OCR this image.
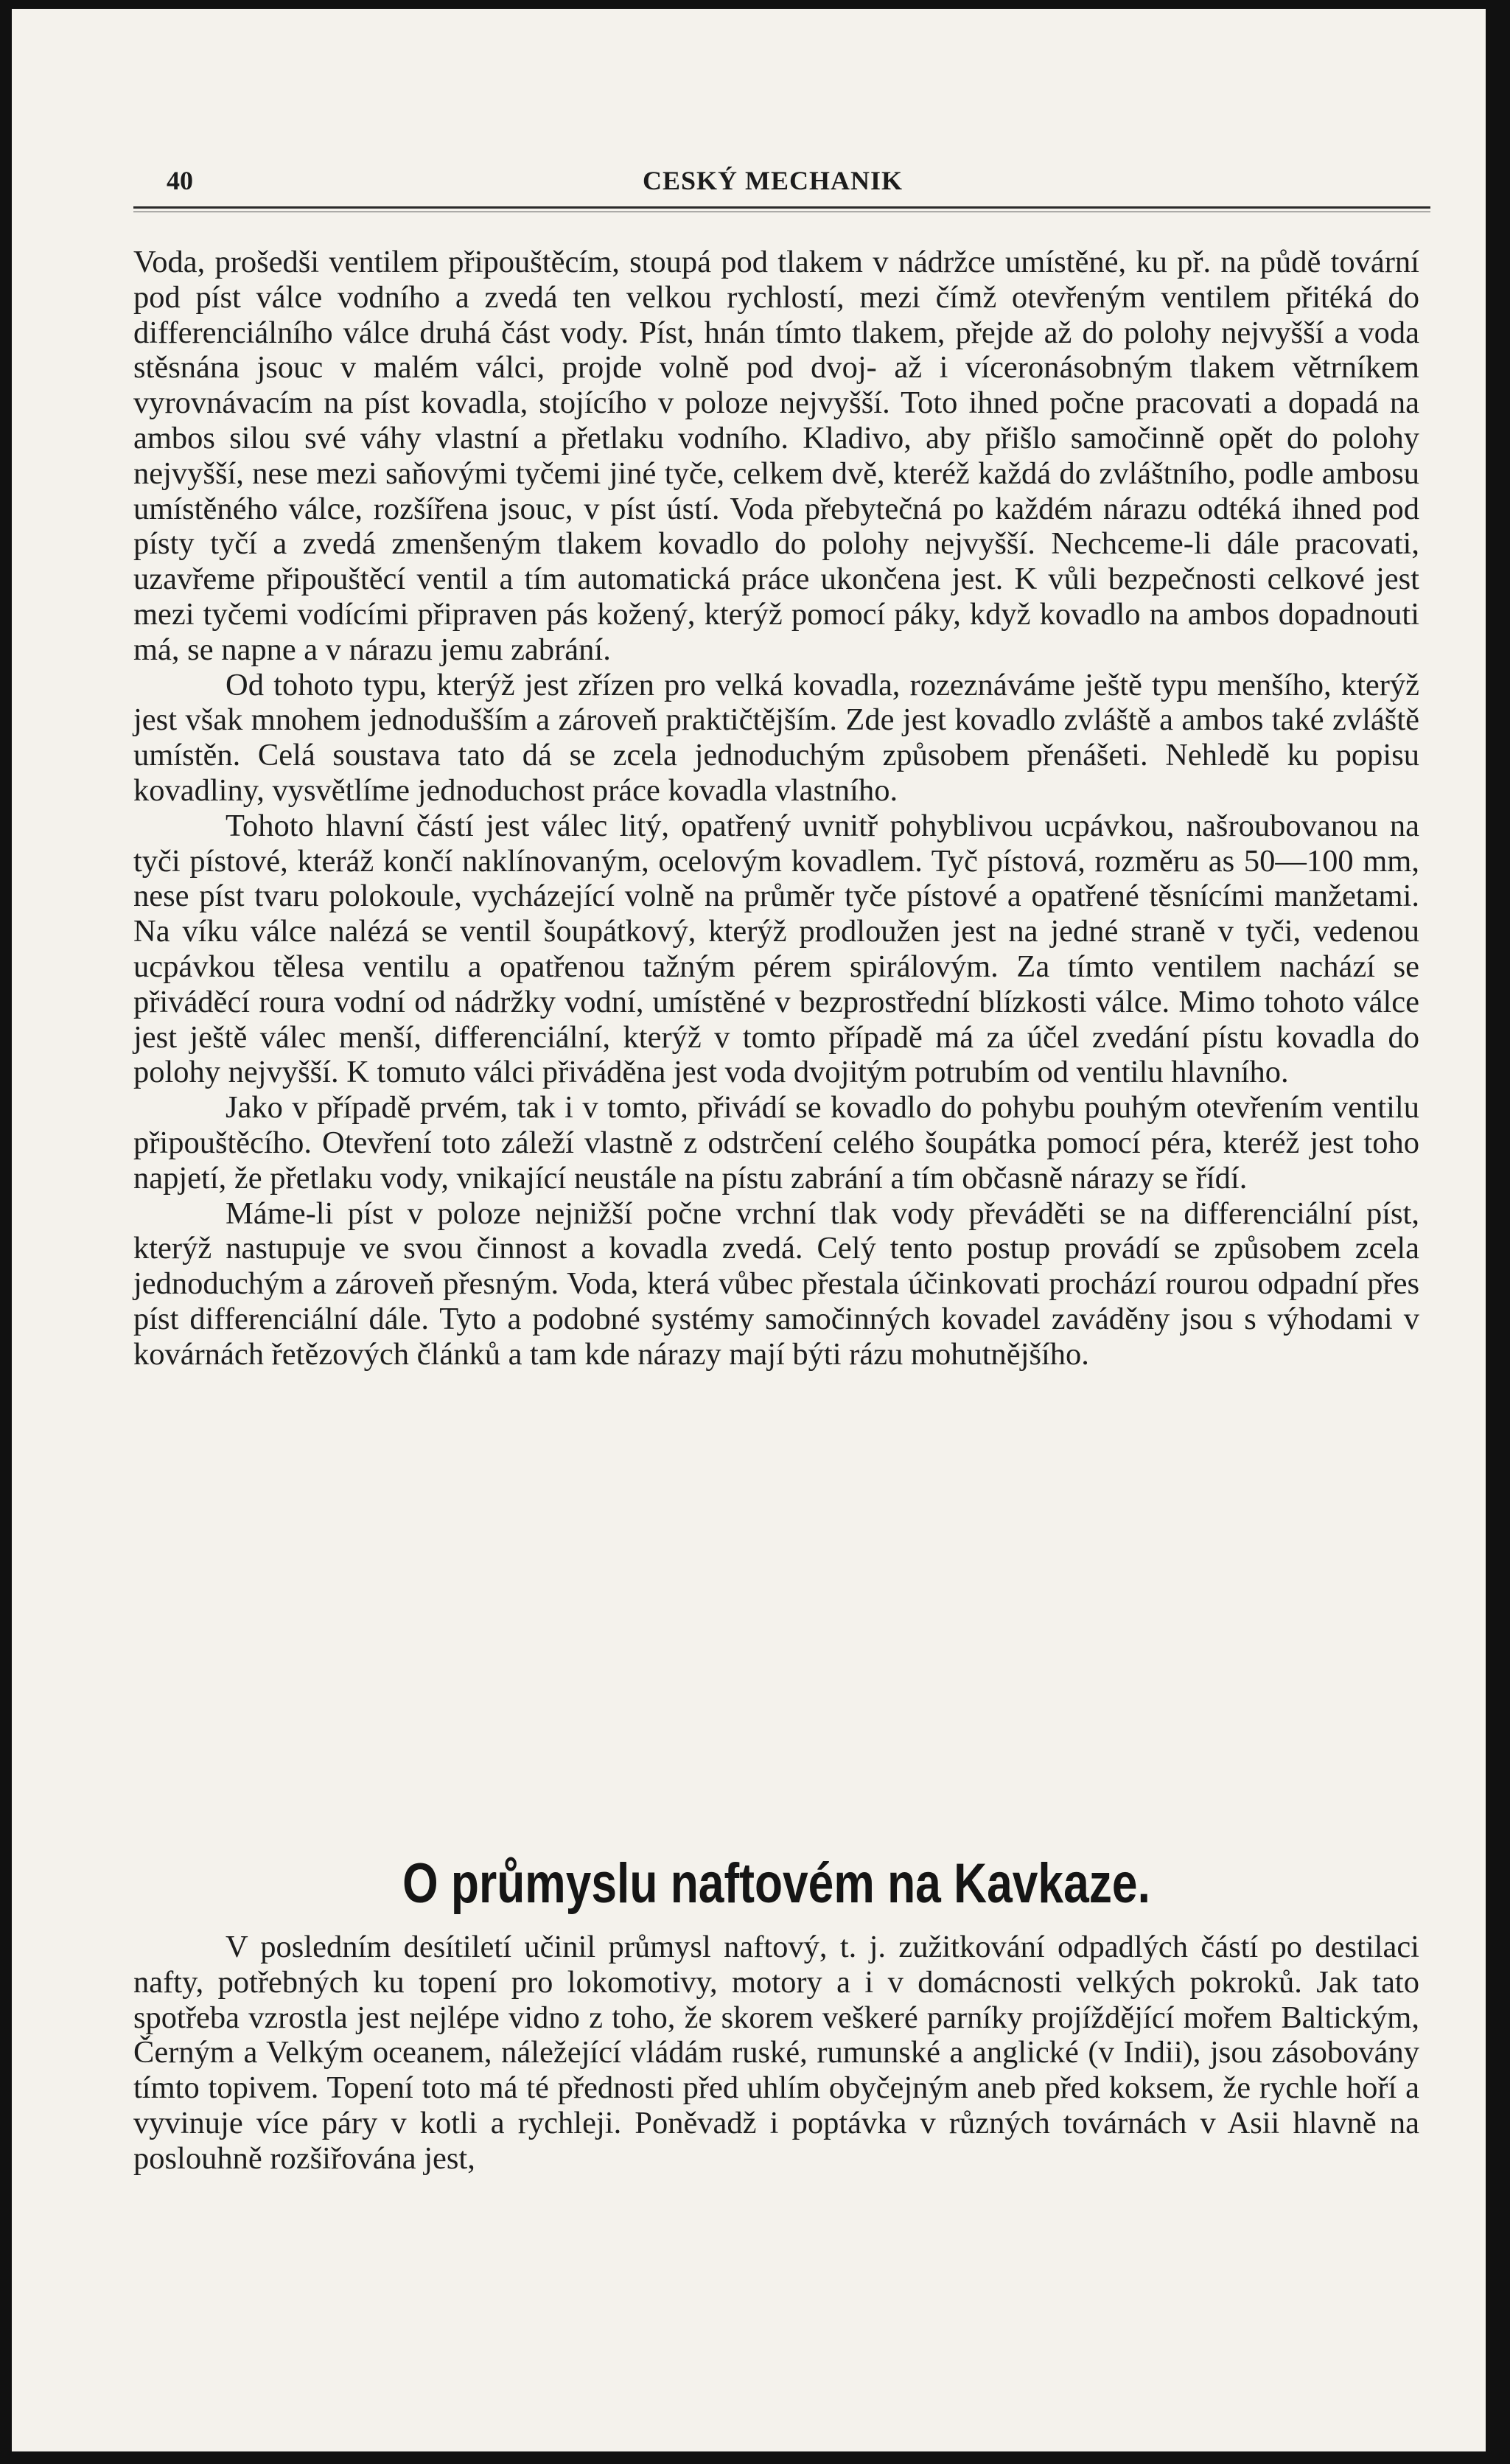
40	CESKÝ MECHANIK

Voda, prošedši ventilem připouštěcím, stoupá pod tlakem v nádržce umístěné, ku př. na půdě tovární pod píst válce vodního a zvedá ten velkou rychlostí, mezi čímž otevřeným ventilem přitéká do differenciálního válce druhá část vody. Píst, hnán tímto tlakem, přejde až do polohy nejvyšší a voda stěsnána jsouc v malém válci, projde volně pod dvoj- až i víceronásobným tlakem větrníkem vyrovnávacím na píst kovadla, stojícího v poloze nejvyšší. Toto ihned počne pracovati a dopadá na ambos silou své váhy vlastní a přetlaku vodního. Kladivo, aby přišlo samočinně opět do polohy nejvyšší, nese mezi saňovými tyčemi jiné tyče, celkem dvě, kteréž každá do zvláštního, podle ambosu umístěného válce, rozšířena jsouc, v píst ústí. Voda přebytečná po každém nárazu odtéká ihned pod písty tyčí a zvedá zmenšeným tlakem kovadlo do polohy nejvyšší. Nechceme-li dále pracovati, uzavřeme připouštěcí ventil a tím automatická práce ukončena jest. K vůli bezpečnosti celkové jest mezi tyčemi vodícími připraven pás kožený, kterýž pomocí páky, když kovadlo na ambos dopadnouti má, se napne a v nárazu jemu zabrání.

Od tohoto typu, kterýž jest zřízen pro velká kovadla, rozeznáváme ještě typu menšího, kterýž jest však mnohem jednodušším a zároveň praktičtějším. Zde jest kovadlo zvláště a ambos také zvláště umístěn. Celá soustava tato dá se zcela jednoduchým způsobem přenášeti. Nehledě ku popisu kovadliny, vysvětlíme jednoduchost práce kovadla vlastního.

Tohoto hlavní částí jest válec litý, opatřený uvnitř pohyblivou ucpávkou, našroubovanou na tyči pístové, kteráž končí naklínovaným, ocelovým kovadlem. Tyč pístová, rozměru as 50—100 mm, nese píst tvaru polokoule, vycházející volně na průměr tyče pístové a opatřené těsnícími manžetami. Na víku válce nalézá se ventil šoupátkový, kterýž prodloužen jest na jedné straně v tyči, vedenou ucpávkou tělesa ventilu a opatřenou tažným pérem spirálovým. Za tímto ventilem nachází se přiváděcí roura vodní od nádržky vodní, umístěné v bezprostřední blízkosti válce. Mimo tohoto válce jest ještě válec menší, differenciální, kterýž v tomto případě má za účel zvedání pístu kovadla do polohy nejvyšší. K tomuto válci přiváděna jest voda dvojitým potrubím od ventilu hlavního.

Jako v případě prvém, tak i v tomto, přivádí se kovadlo do pohybu pouhým otevřením ventilu připouštěcího. Otevření toto záleží vlastně z odstrčení celého šoupátka pomocí péra, kteréž jest toho napjetí, že přetlaku vody, vnikající neustále na pístu zabrání a tím občasně nárazy se řídí.

Máme-li píst v poloze nejnižší počne vrchní tlak vody převáděti se na differenciální píst, kterýž nastupuje ve svou činnost a kovadla zvedá. Celý tento postup provádí se způsobem zcela jednoduchým a zároveň přesným. Voda, která vůbec přestala účinkovati prochází rourou odpadní přes píst differenciální dále. Tyto a podobné systémy samočinných kovadel zaváděny jsou s výhodami v kovárnách řetězových článků a tam kde nárazy mají býti rázu mohutnějšího.

O průmyslu naftovém na Kavkaze.

V posledním desítiletí učinil průmysl naftový, t. j. zužitkování odpadlých částí po destilaci nafty, potřebných ku topení pro lokomotivy, motory a i v domácnosti velkých pokroků. Jak tato spotřeba vzrostla jest nejlépe vidno z toho, že skorem veškeré parníky projíždějící mořem Baltickým, Černým a Velkým oceanem, náležející vládám ruské, rumunské a anglické (v Indii), jsou zásobovány tímto topivem. Topení toto má té přednosti před uhlím obyčejným aneb před koksem, že rychle hoří a vyvinuje více páry v kotli a rychleji. Poněvadž i poptávka v různých továrnách v Asii hlavně na poslouhně rozšiřována jest,
